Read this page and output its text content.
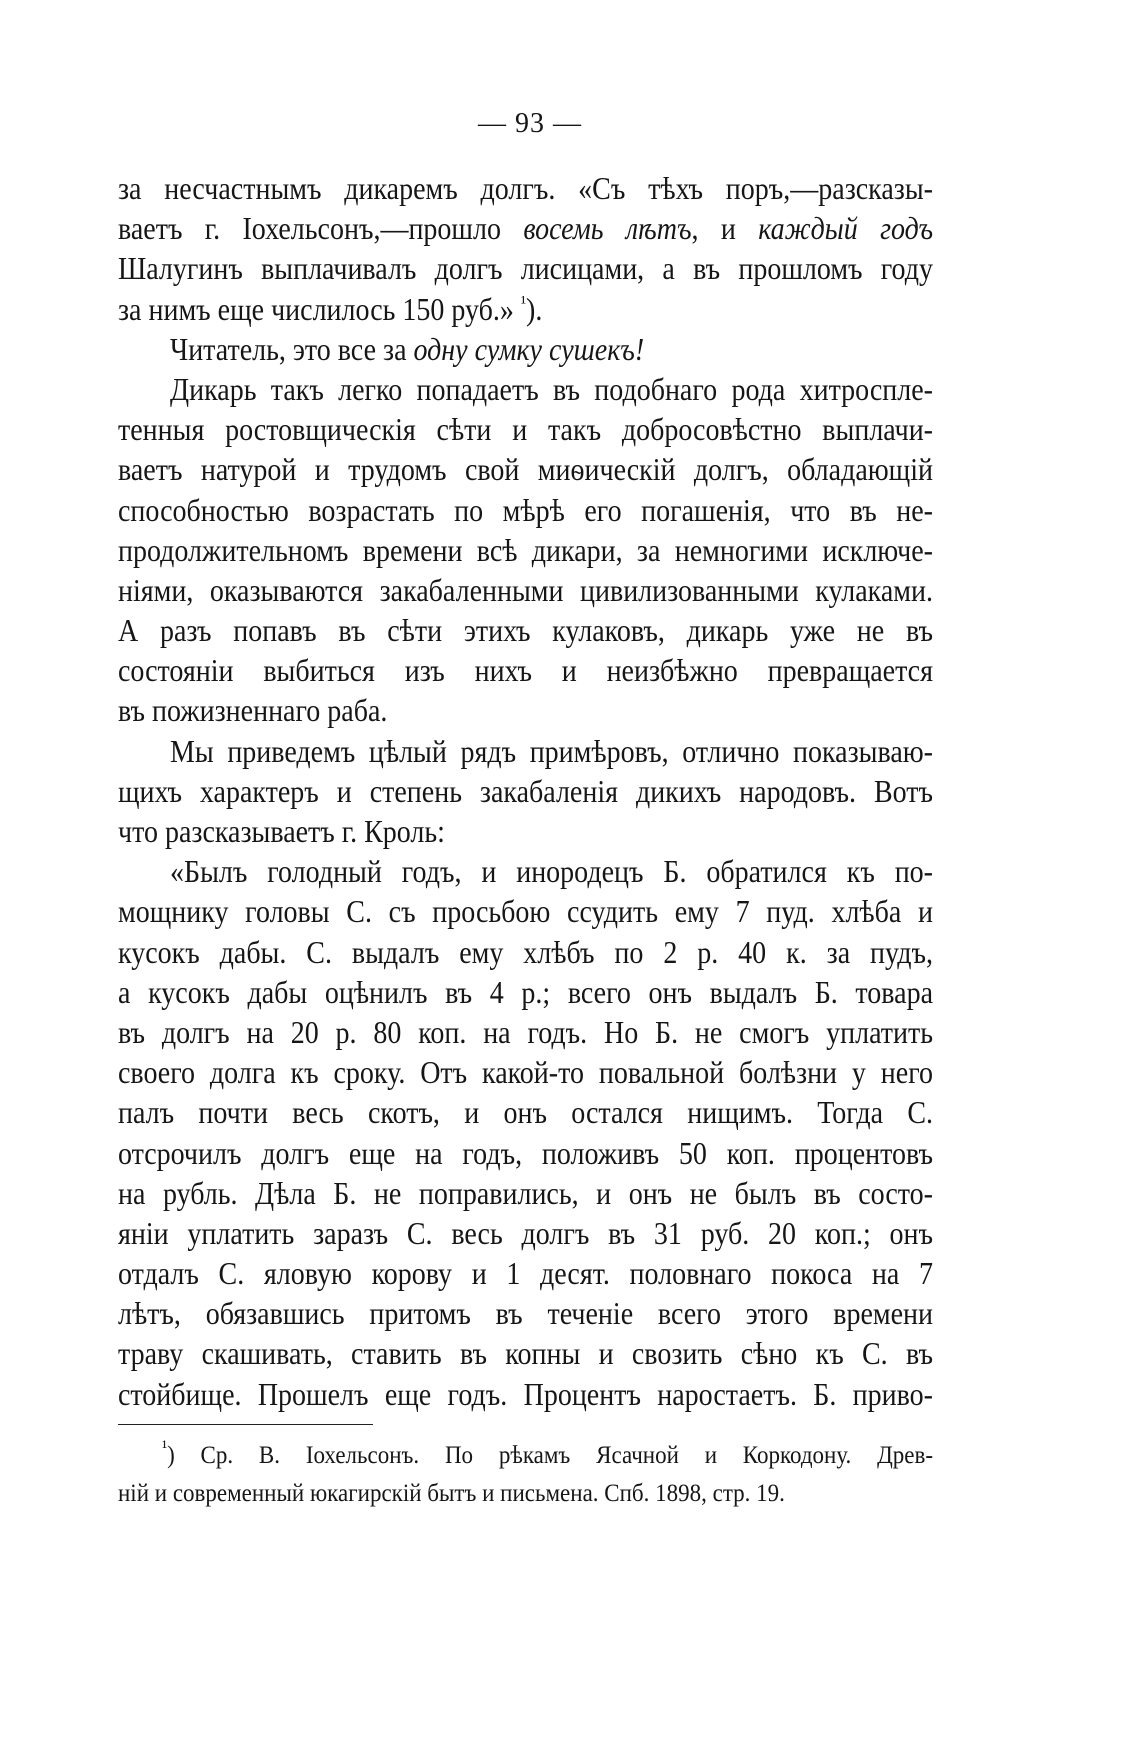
— 93 —
за несчастнымъ дикаремъ долгъ. «Съ тѣхъ поръ,—разсказы-
ваетъ г. Іохельсонъ,—прошло восемь лѣтъ, и каждый годъ
Шалугинъ выплачивалъ долгъ лисицами, а въ прошломъ году
за нимъ еще числилось 150 руб.» $^{^1}$).
Читатель, это все за одну сумку сушекъ!
Дикарь такъ легко попадаетъ въ подобнаго рода хитросплe-
тенныя ростовщическія сѣти и такъ добросовѣстно выплачи-
ваетъ натурой и трудомъ свой миѳическій долгъ, обладающій
способностью возрастать по мѣрѣ его погашенія, что въ не-
продолжительномъ времени всѣ дикари, за немногими исключе-
ніями, оказываются закабаленными цивилизованными кулаками.
А разъ попавъ въ сѣти этихъ кулаковъ, дикарь уже не въ
состояніи выбиться изъ нихъ и неизбѣжно превращается
въ пожизненнаго раба.
Мы приведемъ цѣлый рядъ примѣровъ, отлично показываю-
щихъ характеръ и степень закабаленія дикихъ народовъ. Вотъ
что разсказываетъ г. Кроль:
«Былъ голодный годъ, и инородецъ Б. обратился къ по-
мощнику головы С. съ просьбою ссудить ему 7 пуд. хлѣба и
кусокъ дабы. С. выдалъ ему хлѣбъ по 2 р. 40 к. за пудъ,
а кусокъ дабы оцѣнилъ въ 4 р.; всего онъ выдалъ Б. товара
въ долгъ на 20 р. 80 коп. на годъ. Но Б. не смогъ уплатить
своего долга къ сроку. Отъ какой-то повальной болѣзни у него
палъ почти весь скотъ, и онъ остался нищимъ. Тогда С.
отсрочилъ долгъ еще на годъ, положивъ 50 коп. процентовъ
на рубль. Дѣла Б. не поправились, и онъ не былъ въ состо-
яніи уплатить заразъ С. весь долгъ въ 31 руб. 20 коп.; онъ
отдалъ С. яловую корову и 1 десят. половнаго покоса на 7
лѣтъ, обязавшись притомъ въ теченіе всего этого времени
траву скашивать, ставить въ копны и свозить сѣно къ С. въ
стойбище. Прошелъ еще годъ. Процентъ наростаетъ. Б. приво-
$^{^1}$) Ср. В. Іохельсонъ. По рѣкамъ Ясачной и Коркодону. Древ-
ній и современный юкагирскій бытъ и письмена. Спб. 1898, стр. 19.
